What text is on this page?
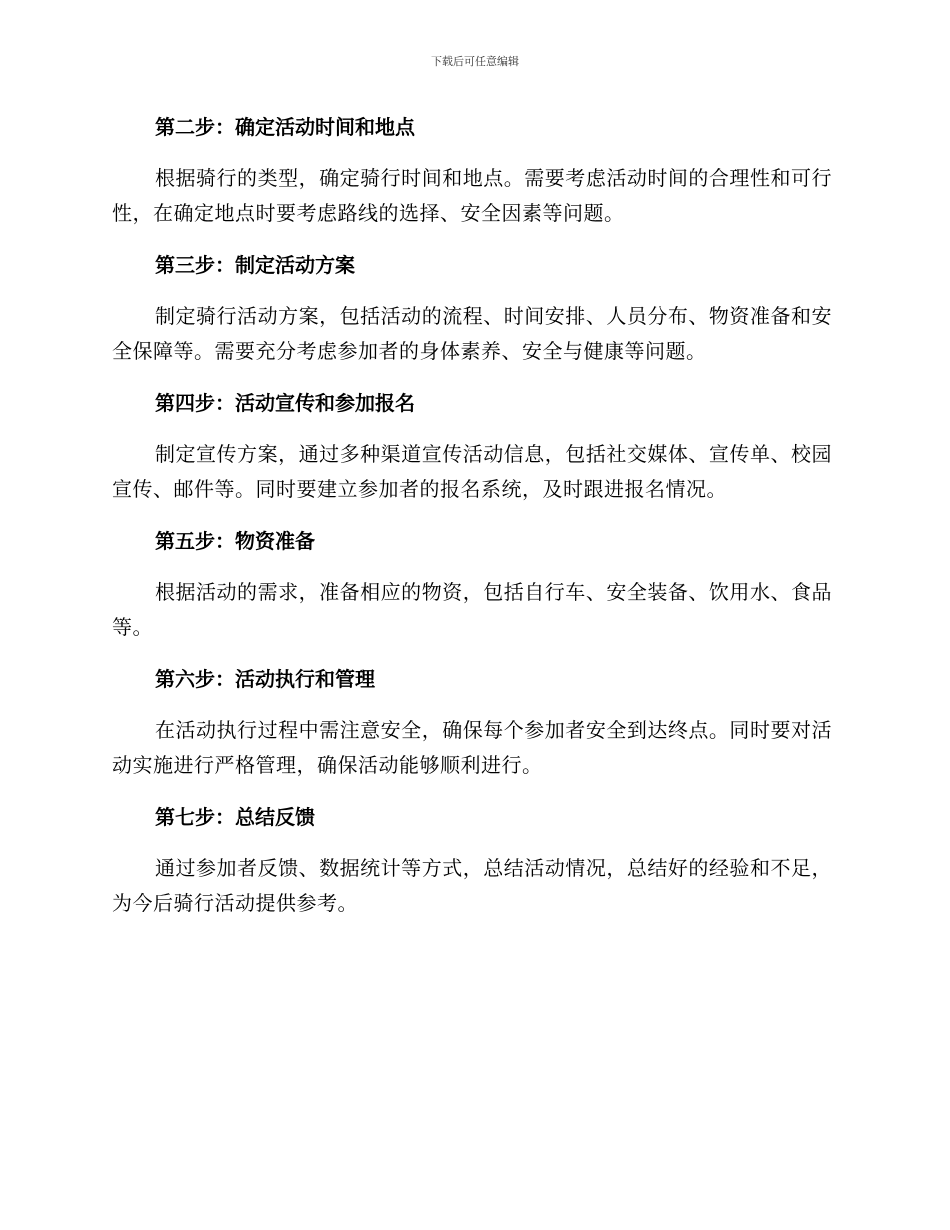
下载后可任意编辑

第二步：确定活动时间和地点

根据骑行的类型，确定骑行时间和地点。需要考虑活动时间的合理性和可行性，在确定地点时要考虑路线的选择、安全因素等问题。

第三步：制定活动方案

制定骑行活动方案，包括活动的流程、时间安排、人员分布、物资准备和安全保障等。需要充分考虑参加者的身体素养、安全与健康等问题。

第四步：活动宣传和参加报名

制定宣传方案，通过多种渠道宣传活动信息，包括社交媒体、宣传单、校园宣传、邮件等。同时要建立参加者的报名系统，及时跟进报名情况。

第五步：物资准备

根据活动的需求，准备相应的物资，包括自行车、安全装备、饮用水、食品等。

第六步：活动执行和管理

在活动执行过程中需注意安全，确保每个参加者安全到达终点。同时要对活动实施进行严格管理，确保活动能够顺利进行。

第七步：总结反馈

通过参加者反馈、数据统计等方式，总结活动情况，总结好的经验和不足，为今后骑行活动提供参考。
